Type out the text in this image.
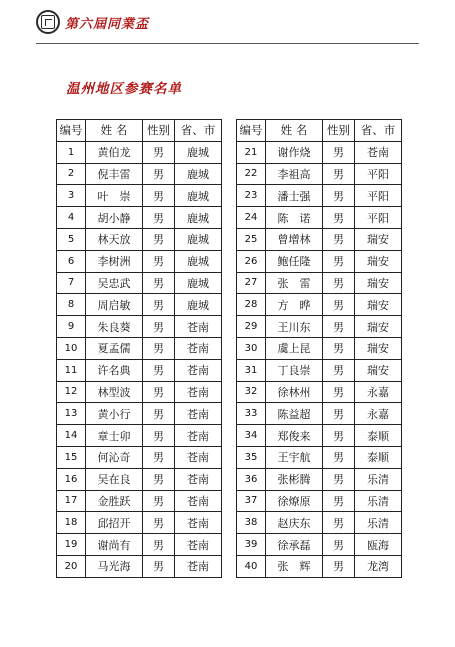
第六屆同業盃
温州地区参赛名单
编号	姓 名	性别	省、市
1	黄伯龙	男	鹿城
2	倪丰雷	男	鹿城
3	叶　崇	男	鹿城
4	胡小静	男	鹿城
5	林天放	男	鹿城
6	李树洲	男	鹿城
7	吴忠武	男	鹿城
8	周启敏	男	鹿城
9	朱良葵	男	苍南
10	夏孟儒	男	苍南
11	许名典	男	苍南
12	林型波	男	苍南
13	黄小行	男	苍南
14	章士卯	男	苍南
15	何沁奇	男	苍南
16	吴在良	男	苍南
17	金胜跃	男	苍南
18	邱招开	男	苍南
19	谢尚有	男	苍南
20	马光海	男	苍南
编号	姓 名	性别	省、市
21	谢作烧	男	苍南
22	李祖高	男	平阳
23	潘士强	男	平阳
24	陈　诺	男	平阳
25	曾增林	男	瑞安
26	鲍任隆	男	瑞安
27	张　雷	男	瑞安
28	方　晔	男	瑞安
29	王川东	男	瑞安
30	虞上昆	男	瑞安
31	丁良崇	男	瑞安
32	徐林州	男	永嘉
33	陈益超	男	永嘉
34	郑俊来	男	泰顺
35	王宇航	男	泰顺
36	张彬腾	男	乐清
37	徐燎原	男	乐清
38	赵庆东	男	乐清
39	徐承磊	男	瓯海
40	张　辉	男	龙湾
